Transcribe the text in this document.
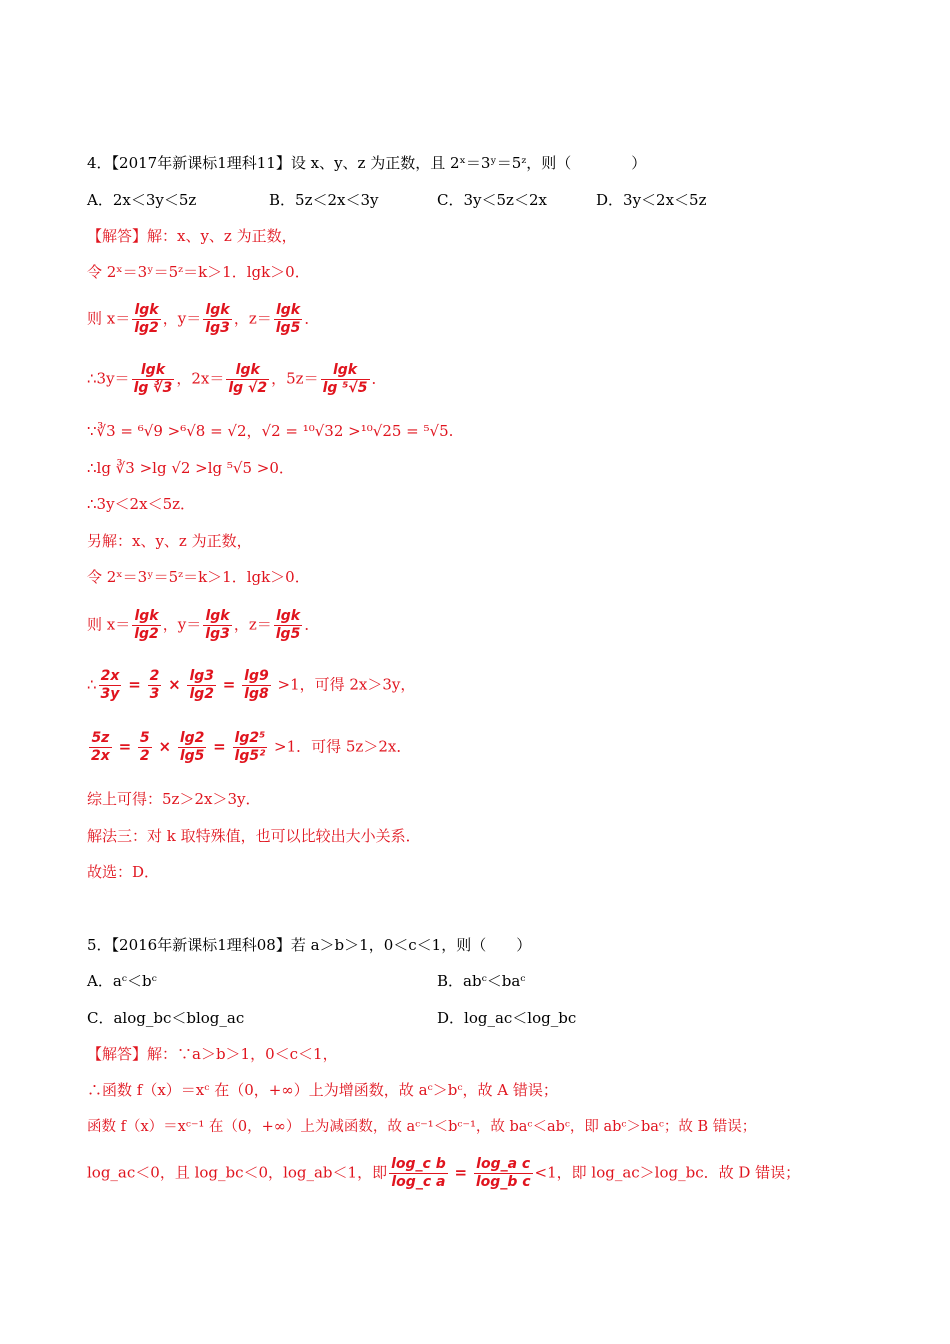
4．【2017年新课标1理科11】设 x、y、z 为正数，且 2ˣ＝3ʸ＝5ᶻ，则（　　　　）
A．2x＜3y＜5z	B．5z＜2x＜3y	C．3y＜5z＜2x	D．3y＜2x＜5z
【解答】解：x、y、z 为正数，
令 2ˣ＝3ʸ＝5ᶻ＝k＞1．lgk＞0．
则 $x= \frac{\lg k}{\lg 2}$ ，$y= \frac{\lg k}{\lg 3}$ ，$z= \frac{\lg k}{\lg 5}$ ．
∴3y＝ $\frac{\lg k}{\lg ∛3}$ ，$2x= \frac{\lg k}{\lg √2}$ ，$5z= \frac{\lg k}{\text{lg ⁵√5}}$ ．
∵∛3 = ⁶√9 >⁶√8 = √2，√2 = ¹⁰√32 >¹⁰√25 = ⁵√5.
∴lg ∛3 >lg √2 >lg ⁵√5 >0．
∴3y＜2x＜5z．
另解：x、y、z 为正数，
令 2ˣ＝3ʸ＝5ᶻ＝k＞1．lgk＞0．
则 $x= \frac{\lg k}{\lg 2}$ ，$y= \frac{\lg k}{\lg 3}$ ，$z= \frac{\lg k}{\lg 5}$ ．
∴ $\frac{2x}{3y} = \frac{2}{3} \times \frac{\lg 3}{\lg 2} = \frac{\lg 9}{\lg 8} >1$，可得 2x＞3y，
$\frac{5z}{2x} = \frac{5}{2} \times \frac{\lg 2}{\lg 5} = \frac{\text{lg2⁵}}{\text{lg5²}} >1$．可得 5z＞2x．
综上可得：5z＞2x＞3y．
解法三：对 k 取特殊值，也可以比较出大小关系．
故选：D．
5．【2016年新课标1理科08】若 a＞b＞1，0＜c＜1，则（　　）
A．aᶜ＜bᶜ	B．abᶜ＜baᶜ
C．alog_bc＜blog_ac	D．log_ac＜log_bc
【解答】解：∵a＞b＞1，0＜c＜1，
∴函数 f（x）＝xᶜ 在（0，+∞）上为增函数，故 aᶜ＞bᶜ，故 A 错误；
函数 f（x）＝xᶜ⁻¹ 在（0，+∞）上为减函数，故 aᶜ⁻¹＜bᶜ⁻¹，故 baᶜ＜abᶜ，即 abᶜ＞baᶜ；故 B 错误；
log_ac＜0，且 log_bc＜0，log_ab＜1，即 $\frac{\text{log\_c b}}{\text{log\_c a}} = \frac{\text{log\_a c}}{\text{log\_b c}} <1$，即 log_ac＞log_bc．故 D 错误；
